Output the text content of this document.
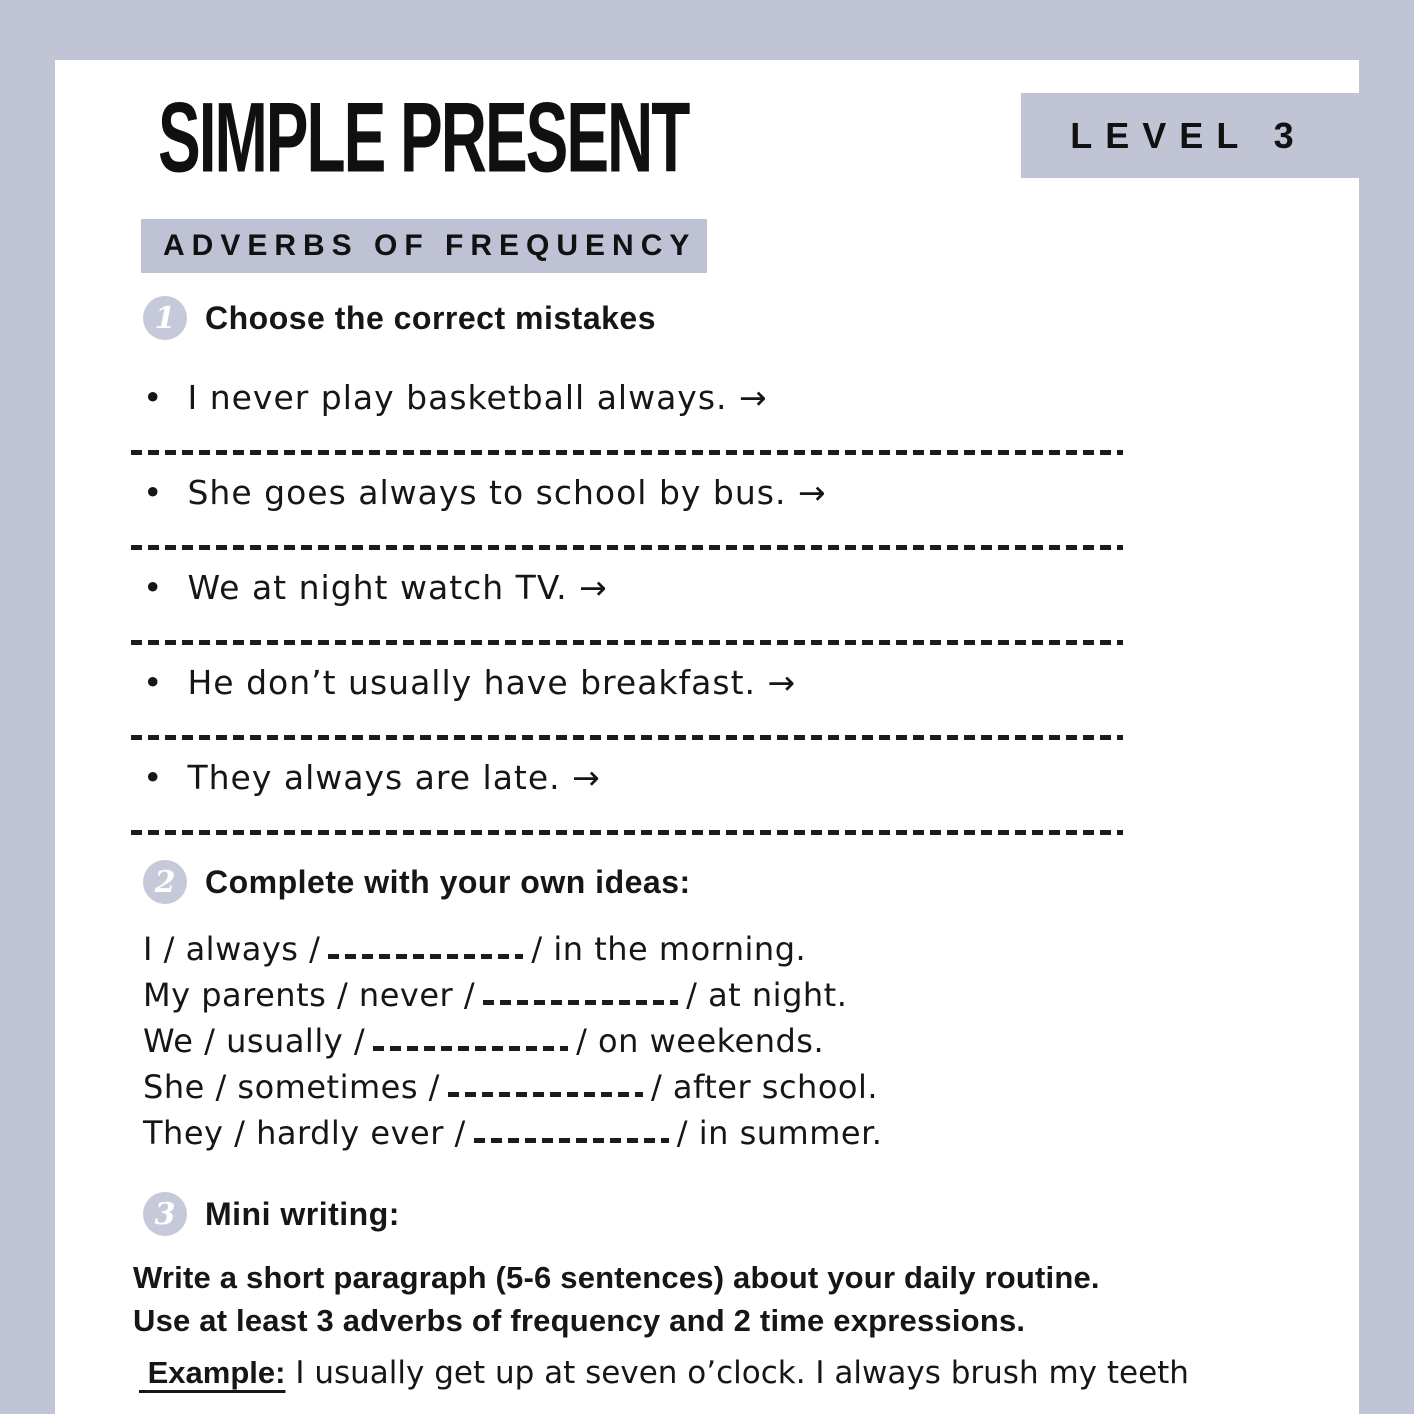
SIMPLE PRESENT	LEVEL 3
ADVERBS OF FREQUENCY
1 Choose the correct mistakes
• I never play basketball always. →
• She goes always to school by bus. →
• We at night watch TV. →
• He don’t usually have breakfast. →
• They always are late. →
2 Complete with your own ideas:
I / always /	/ in the morning.
My parents / never /	/ at night.
We / usually /	/ on weekends.
She / sometimes /	/ after school.
They / hardly ever /	/ in summer.
3 Mini writing:
Write a short paragraph (5-6 sentences) about your daily routine.
Use at least 3 adverbs of frequency and 2 time expressions.
Example: I usually get up at seven o’clock. I always brush my teeth
